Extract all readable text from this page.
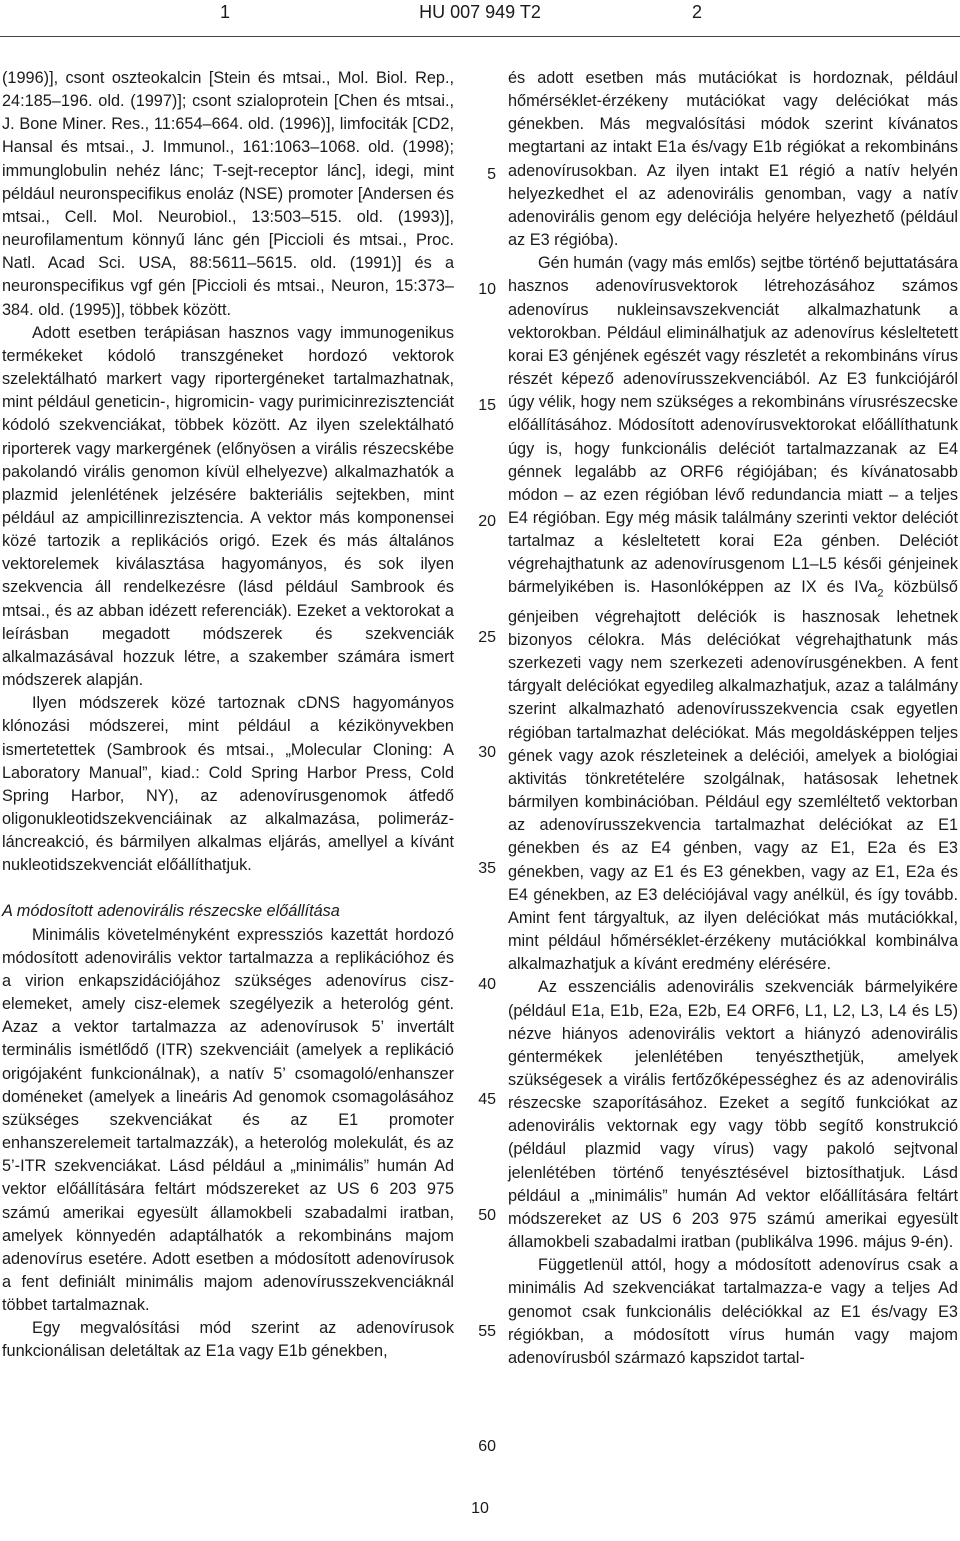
1	HU 007 949 T2	2

(1996)], csont oszteokalcin [Stein és mtsai., Mol. Biol. Rep., 24:185–196. old. (1997)]; csont szialoprotein [Chen és mtsai., J. Bone Miner. Res., 11:654–664. old. (1996)], limfociták [CD2, Hansal és mtsai., J. Immunol., 161:1063–1068. old. (1998); immunglobulin nehéz lánc; T-sejt-receptor lánc], idegi, mint például neuronspecifikus enoláz (NSE) promoter [Andersen és mtsai., Cell. Mol. Neurobiol., 13:503–515. old. (1993)], neurofilamentum könnyű lánc gén [Piccioli és mtsai., Proc. Natl. Acad Sci. USA, 88:5611–5615. old. (1991)] és a neuronspecifikus vgf gén [Piccioli és mtsai., Neuron, 15:373–384. old. (1995)], többek között.

Adott esetben terápiásan hasznos vagy immunogenikus termékeket kódoló transzgéneket hordozó vektorok szelektálható markert vagy riportergéneket tartalmazhatnak, mint például geneticin-, higromicin- vagy purimicinrezisztenciát kódoló szekvenciákat, többek között. Az ilyen szelektálható riporterek vagy markergének (előnyösen a virális részecskébe pakolandó virális genomon kívül elhelyezve) alkalmazhatók a plazmid jelenlétének jelzésére bakteriális sejtekben, mint például az ampicillinrezisztencia. A vektor más komponensei közé tartozik a replikációs origó. Ezek és más általános vektorelemek kiválasztása hagyományos, és sok ilyen szekvencia áll rendelkezésre (lásd például Sambrook és mtsai., és az abban idézett referenciák). Ezeket a vektorokat a leírásban megadott módszerek és szekvenciák alkalmazásával hozzuk létre, a szakember számára ismert módszerek alapján.

Ilyen módszerek közé tartoznak cDNS hagyományos klónozási módszerei, mint például a kézikönyvekben ismertetettek (Sambrook és mtsai., „Molecular Cloning: A Laboratory Manual”, kiad.: Cold Spring Harbor Press, Cold Spring Harbor, NY), az adenovírusgenomok átfedő oligonukleotidszekvenciáinak az alkalmazása, polimeráz-láncreakció, és bármilyen alkalmas eljárás, amellyel a kívánt nukleotidszekvenciát előállíthatjuk.

A módosított adenovirális részecske előállítása

Minimális követelményként expressziós kazettát hordozó módosított adenovirális vektor tartalmazza a replikációhoz és a virion enkapszidációjához szükséges adenovírus cisz-elemeket, amely cisz-elemek szegélyezik a heterológ gént. Azaz a vektor tartalmazza az adenovírusok 5’ invertált terminális ismétlődő (ITR) szekvenciáit (amelyek a replikáció origójaként funkcionálnak), a natív 5’ csomagoló/enhanszer doméneket (amelyek a lineáris Ad genomok csomagolásához szükséges szekvenciákat és az E1 promoter enhanszerelemeit tartalmazzák), a heterológ molekulát, és az 5’-ITR szekvenciákat. Lásd például a „minimális” humán Ad vektor előállítására feltárt módszereket az US 6 203 975 számú amerikai egyesült államokbeli szabadalmi iratban, amelyek könnyedén adaptálhatók a rekombináns majom adenovírus esetére. Adott esetben a módosított adenovírusok a fent definiált minimális majom adenovírusszekvenciáknál többet tartalmaznak.

Egy megvalósítási mód szerint az adenovírusok funkcionálisan deletáltak az E1a vagy E1b génekben,

és adott esetben más mutációkat is hordoznak, például hőmérséklet-érzékeny mutációkat vagy deléciókat más génekben. Más megvalósítási módok szerint kívánatos megtartani az intakt E1a és/vagy E1b régiókat a rekombináns adenovírusokban. Az ilyen intakt E1 régió a natív helyén helyezkedhet el az adenovirális genomban, vagy a natív adenovirális genom egy deléciója helyére helyezhető (például az E3 régióba).

Gén humán (vagy más emlős) sejtbe történő bejuttatására hasznos adenovírusvektorok létrehozásához számos adenovírus nukleinsavszekvenciát alkalmazhatunk a vektorokban. Például eliminálhatjuk az adenovírus késleltetett korai E3 génjének egészét vagy részletét a rekombináns vírus részét képező adenovírusszekvenciából. Az E3 funkciójáról úgy vélik, hogy nem szükséges a rekombináns vírusrészecske előállításához. Módosított adenovírusvektorokat előállíthatunk úgy is, hogy funkcionális deléciót tartalmazzanak az E4 génnek legalább az ORF6 régiójában; és kívánatosabb módon – az ezen régióban lévő redundancia miatt – a teljes E4 régióban. Egy még másik találmány szerinti vektor deléciót tartalmaz a késleltetett korai E2a génben. Deléciót végrehajthatunk az adenovírusgenom L1–L5 késői génjeinek bármelyikében is. Hasonlóképpen az IX és IVa$_2$ közbülső génjeiben végrehajtott deléciók is hasznosak lehetnek bizonyos célokra. Más deléciókat végrehajthatunk más szerkezeti vagy nem szerkezeti adenovírusgénekben. A fent tárgyalt deléciókat egyedileg alkalmazhatjuk, azaz a találmány szerint alkalmazható adenovírusszekvencia csak egyetlen régióban tartalmazhat deléciókat. Más megoldásképpen teljes gének vagy azok részleteinek a deléciói, amelyek a biológiai aktivitás tönkretételére szolgálnak, hatásosak lehetnek bármilyen kombinációban. Például egy szemléltető vektorban az adenovírusszekvencia tartalmazhat deléciókat az E1 génekben és az E4 génben, vagy az E1, E2a és E3 génekben, vagy az E1 és E3 génekben, vagy az E1, E2a és E4 génekben, az E3 deléciójával vagy anélkül, és így tovább. Amint fent tárgyaltuk, az ilyen deléciókat más mutációkkal, mint például hőmérséklet-érzékeny mutációkkal kombinálva alkalmazhatjuk a kívánt eredmény elérésére.

Az esszenciális adenovirális szekvenciák bármelyikére (például E1a, E1b, E2a, E2b, E4 ORF6, L1, L2, L3, L4 és L5) nézve hiányos adenovirális vektort a hiányzó adenovirális géntermékek jelenlétében tenyészthetjük, amelyek szükségesek a virális fertőzőképességhez és az adenovirális részecske szaporításához. Ezeket a segítő funkciókat az adenovirális vektornak egy vagy több segítő konstrukció (például plazmid vagy vírus) vagy pakoló sejtvonal jelenlétében történő tenyésztésével biztosíthatjuk. Lásd például a „minimális” humán Ad vektor előállítására feltárt módszereket az US 6 203 975 számú amerikai egyesült államokbeli szabadalmi iratban (publikálva 1996. május 9-én).

Függetlenül attól, hogy a módosított adenovírus csak a minimális Ad szekvenciákat tartalmazza-e vagy a teljes Ad genomot csak funkcionális deléciókkal az E1 és/vagy E3 régiókban, a módosított vírus humán vagy majom adenovírusból származó kapszidot tartal-

5
10
15
20
25
30
35
40
45
50
55
60
10
